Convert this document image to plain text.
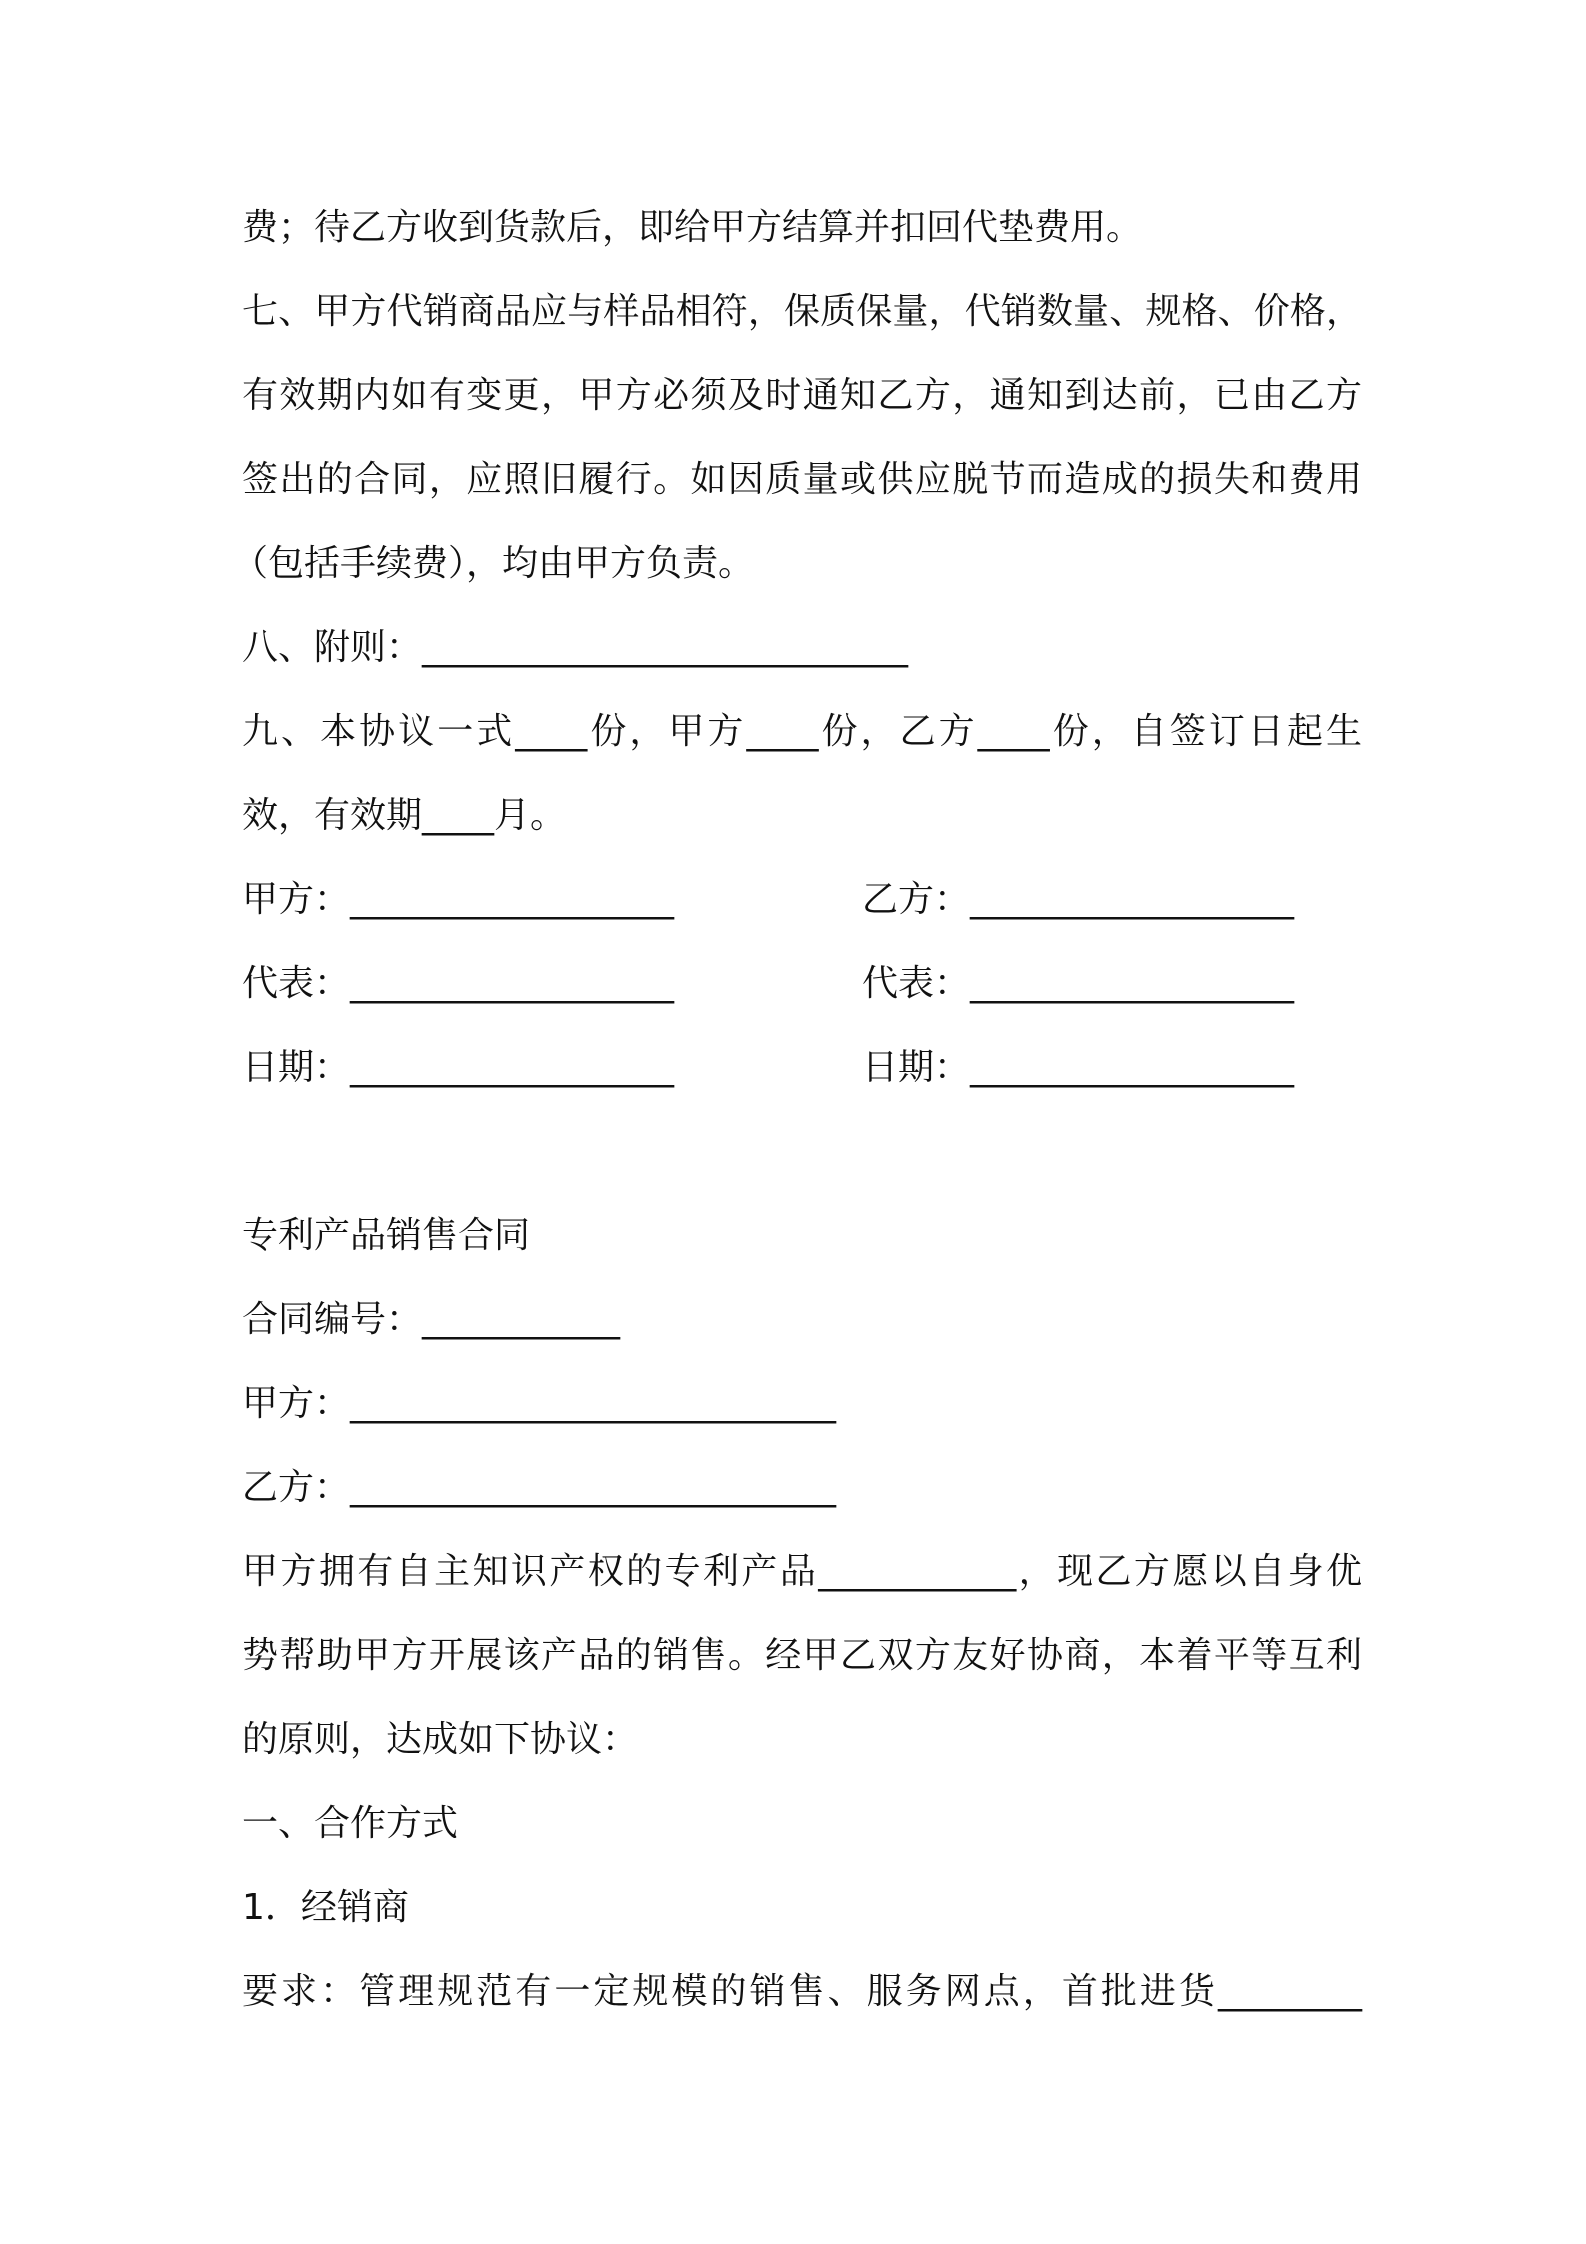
费；待乙方收到货款后，即给甲方结算并扣回代垫费用。
七、甲方代销商品应与样品相符，保质保量，代销数量、规格、价格，
有效期内如有变更，甲方必须及时通知乙方，通知到达前，已由乙方
签出的合同，应照旧履行。如因质量或供应脱节而造成的损失和费用
（包括手续费），均由甲方负责。
八、附则：___________________________
九、本协议一式____份，甲方____份，乙方____份，自签订日起生
效，有效期____月。
甲方：__________________	乙方：__________________
代表：__________________	代表：__________________
日期：__________________	日期：__________________
专利产品销售合同
合同编号：___________
甲方：___________________________
乙方：___________________________
甲方拥有自主知识产权的专利产品___________，现乙方愿以自身优
势帮助甲方开展该产品的销售。经甲乙双方友好协商，本着平等互利
的原则，达成如下协议：
一、合作方式
1．经销商
要求：管理规范有一定规模的销售、服务网点，首批进货________
